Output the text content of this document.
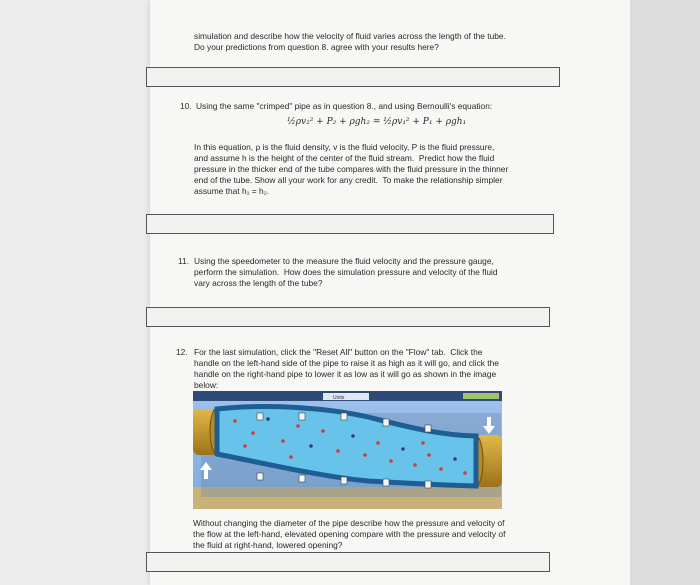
simulation and describe how the velocity of fluid varies across the length of the tube.
Do your predictions from question 8. agree with your results here?
10. Using the same "crimped" pipe as in question 8., and using Bernoulli's equation:
½ρv₂² + P₂ + ρgh₂ = ½ρv₁² + P₁ + ρgh₁
In this equation, ρ is the fluid density, v is the fluid velocity, P is the fluid pressure,
and assume h is the height of the center of the fluid stream.  Predict how the fluid
pressure in the thicker end of the tube compares with the fluid pressure in the thinner
end of the tube. Show all your work for any credit.  To make the relationship simpler
assume that h₁ = h₂.
11. Using the speedometer to the measure the fluid velocity and the pressure gauge,
perform the simulation.  How does the simulation pressure and velocity of the fluid
vary across the length of the tube?
12. For the last simulation, click the "Reset All" button on the "Flow" tab.  Click the
handle on the left-hand side of the pipe to raise it as high as it will go, and click the
handle on the right-hand pipe to lower it as low as it will go as shown in the image
below:
Units
Without changing the diameter of the pipe describe how the pressure and velocity of
the flow at the left-hand, elevated opening compare with the pressure and velocity of
the fluid at right-hand, lowered opening?
